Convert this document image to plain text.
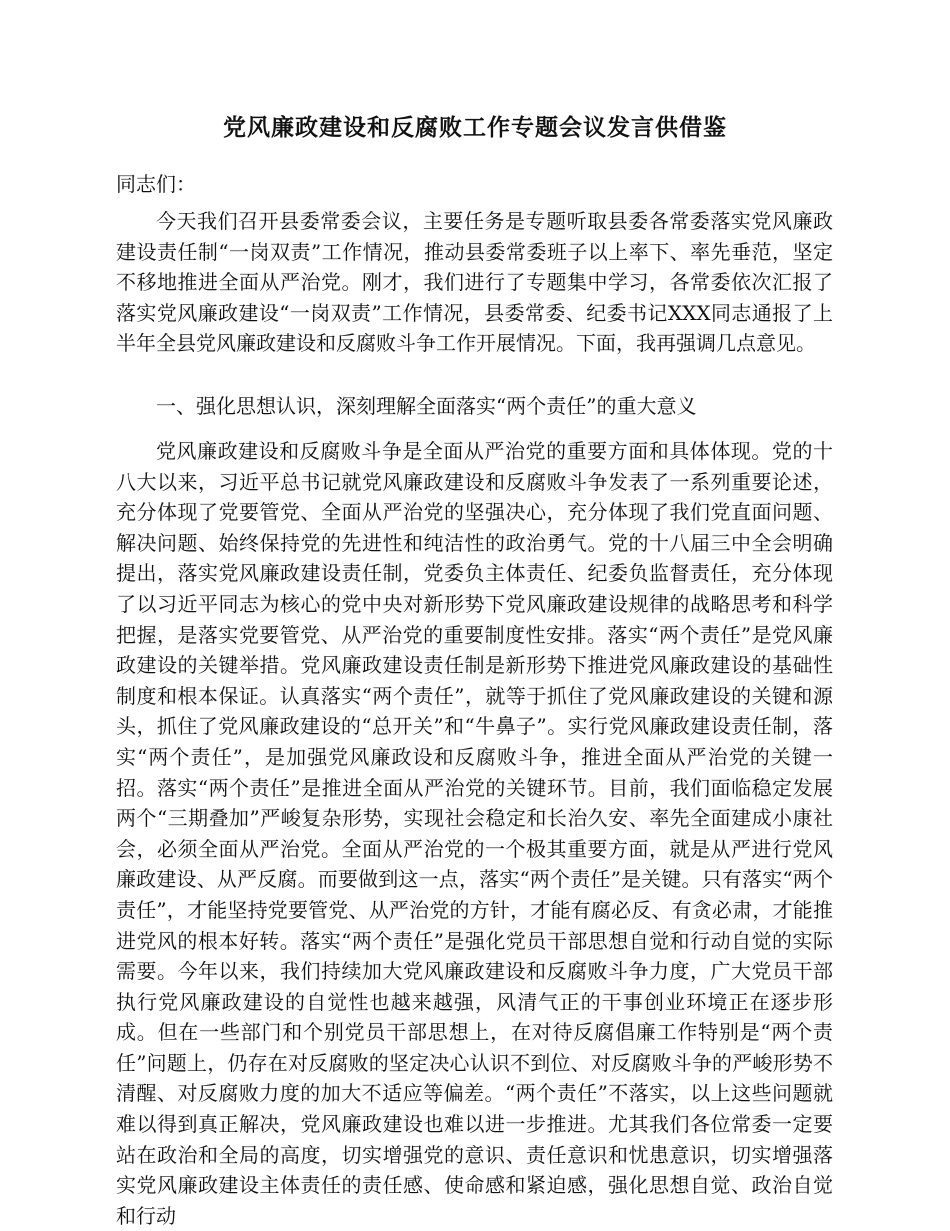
党风廉政建设和反腐败工作专题会议发言供借鉴

同志们：

今天我们召开县委常委会议，主要任务是专题听取县委各常委落实党风廉政建设责任制“一岗双责”工作情况，推动县委常委班子以上率下、率先垂范，坚定不移地推进全面从严治党。刚才，我们进行了专题集中学习，各常委依次汇报了落实党风廉政建设“一岗双责”工作情况，县委常委、纪委书记XXX同志通报了上半年全县党风廉政建设和反腐败斗争工作开展情况。下面，我再强调几点意见。

一、强化思想认识，深刻理解全面落实“两个责任”的重大意义

党风廉政建设和反腐败斗争是全面从严治党的重要方面和具体体现。党的十八大以来，习近平总书记就党风廉政建设和反腐败斗争发表了一系列重要论述，充分体现了党要管党、全面从严治党的坚强决心，充分体现了我们党直面问题、解决问题、始终保持党的先进性和纯洁性的政治勇气。党的十八届三中全会明确提出，落实党风廉政建设责任制，党委负主体责任、纪委负监督责任，充分体现了以习近平同志为核心的党中央对新形势下党风廉政建设规律的战略思考和科学把握，是落实党要管党、从严治党的重要制度性安排。落实“两个责任”是党风廉政建设的关键举措。党风廉政建设责任制是新形势下推进党风廉政建设的基础性制度和根本保证。认真落实“两个责任”，就等于抓住了党风廉政建设的关键和源头，抓住了党风廉政建设的“总开关”和“牛鼻子”。实行党风廉政建设责任制，落实“两个责任”，是加强党风廉政设和反腐败斗争，推进全面从严治党的关键一招。落实“两个责任”是推进全面从严治党的关键环节。目前，我们面临稳定发展两个“三期叠加”严峻复杂形势，实现社会稳定和长治久安、率先全面建成小康社会，必须全面从严治党。全面从严治党的一个极其重要方面，就是从严进行党风廉政建设、从严反腐。而要做到这一点，落实“两个责任”是关键。只有落实“两个责任”，才能坚持党要管党、从严治党的方针，才能有腐必反、有贪必肃，才能推进党风的根本好转。落实“两个责任”是强化党员干部思想自觉和行动自觉的实际需要。今年以来，我们持续加大党风廉政建设和反腐败斗争力度，广大党员干部执行党风廉政建设的自觉性也越来越强，风清气正的干事创业环境正在逐步形成。但在一些部门和个别党员干部思想上，在对待反腐倡廉工作特别是“两个责任”问题上，仍存在对反腐败的坚定决心认识不到位、对反腐败斗争的严峻形势不清醒、对反腐败力度的加大不适应等偏差。“两个责任”不落实，以上这些问题就难以得到真正解决，党风廉政建设也难以进一步推进。尤其我们各位常委一定要站在政治和全局的高度，切实增强党的意识、责任意识和忧患意识，切实增强落实党风廉政建设主体责任的责任感、使命感和紧迫感，强化思想自觉、政治自觉和行动
